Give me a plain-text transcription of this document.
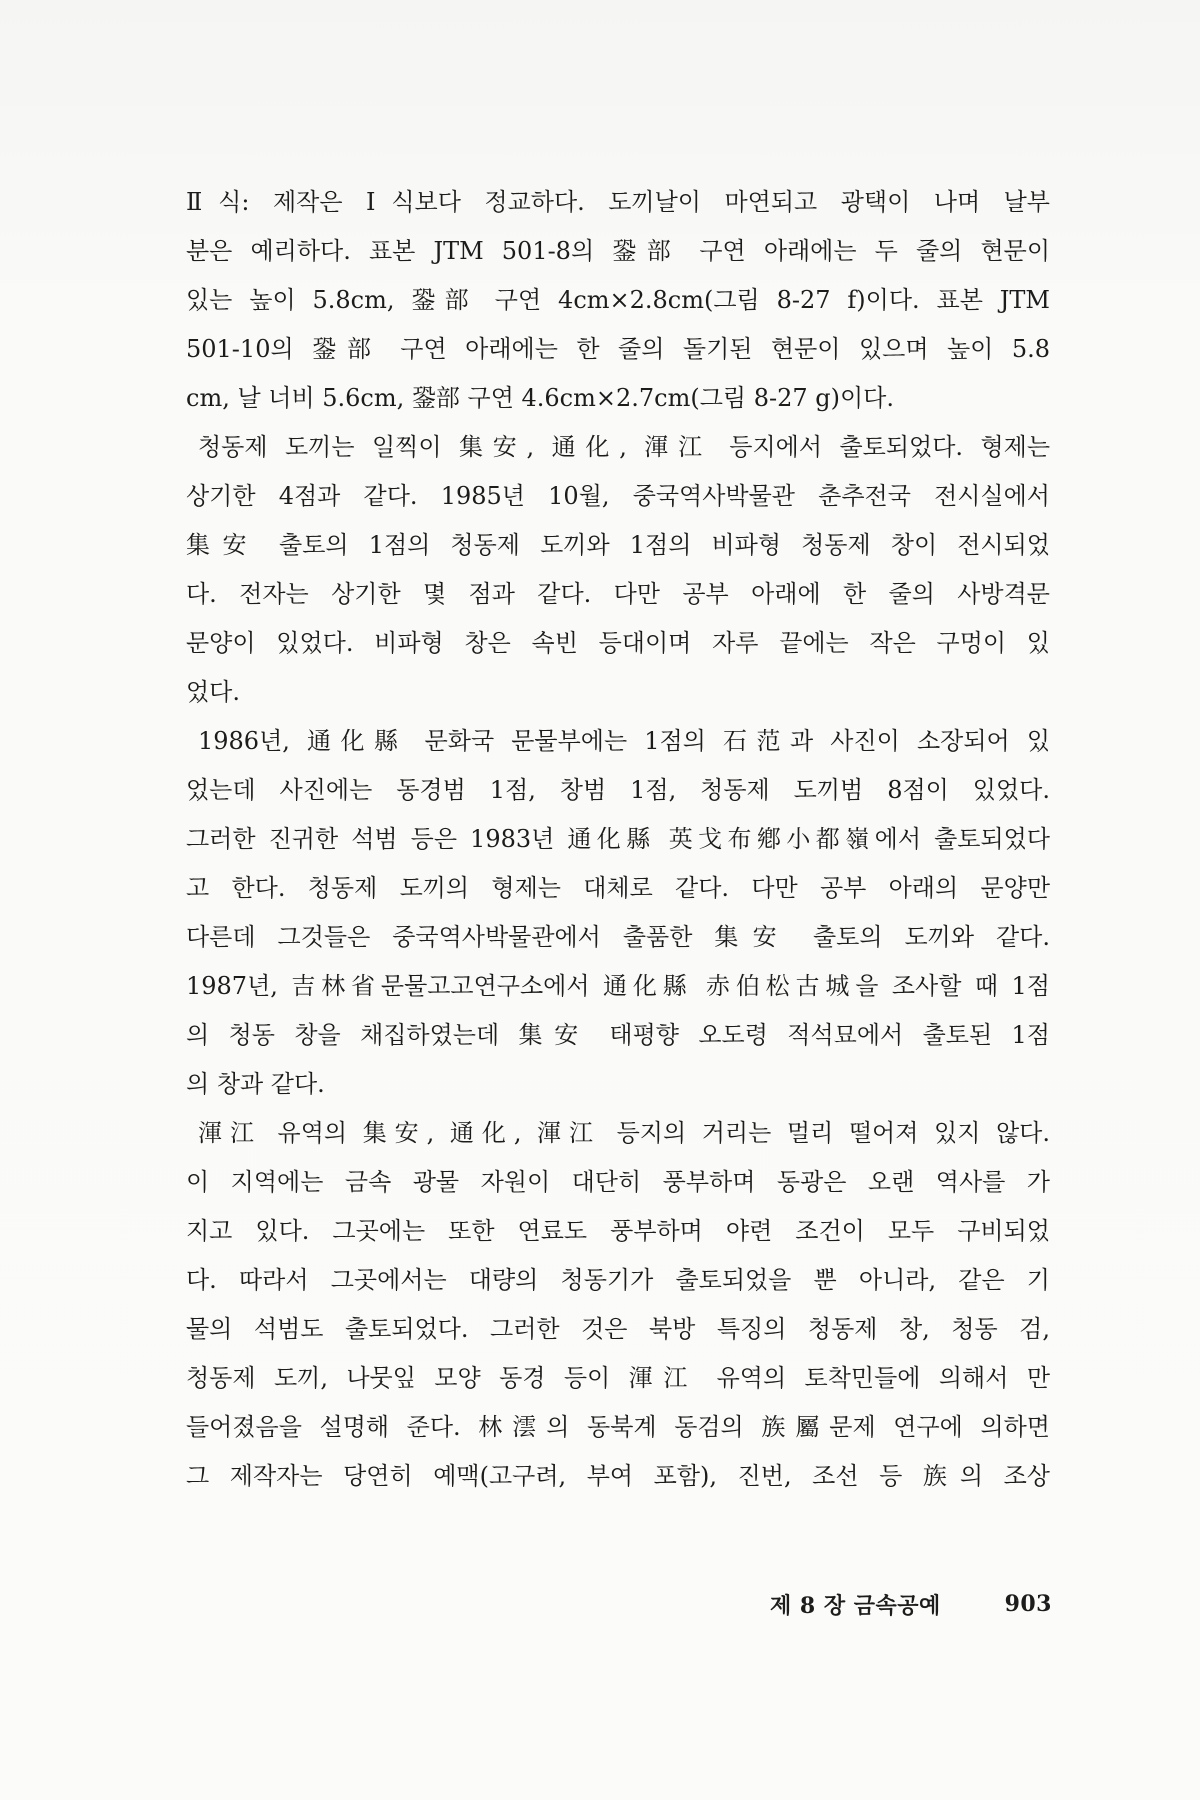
Ⅱ식: 제작은 Ⅰ식보다 정교하다. 도끼날이 마연되고 광택이 나며 날부
분은 예리하다. 표본 JTM 501-8의 銎部 구연 아래에는 두 줄의 현문이
있는 높이 5.8cm, 銎部 구연 4cm×2.8cm(그림 8-27 f)이다. 표본 JTM
501-10의 銎部 구연 아래에는 한 줄의 돌기된 현문이 있으며 높이 5.8
cm, 날 너비 5.6cm, 銎部 구연 4.6cm×2.7cm(그림 8-27 g)이다.
청동제 도끼는 일찍이 集安, 通化, 渾江 등지에서 출토되었다. 형제는
상기한 4점과 같다. 1985년 10월, 중국역사박물관 춘추전국 전시실에서
集安 출토의 1점의 청동제 도끼와 1점의 비파형 청동제 창이 전시되었
다. 전자는 상기한 몇 점과 같다. 다만 공부 아래에 한 줄의 사방격문
문양이 있었다. 비파형 창은 속빈 등대이며 자루 끝에는 작은 구멍이 있
었다.
1986년, 通化縣 문화국 문물부에는 1점의 石范과 사진이 소장되어 있
었는데 사진에는 동경범 1점, 창범 1점, 청동제 도끼범 8점이 있었다.
그러한 진귀한 석범 등은 1983년 通化縣 英戈布鄕小都嶺에서 출토되었다
고 한다. 청동제 도끼의 형제는 대체로 같다. 다만 공부 아래의 문양만
다른데 그것들은 중국역사박물관에서 출품한 集安 출토의 도끼와 같다.
1987년, 吉林省문물고고연구소에서 通化縣 赤伯松古城을 조사할 때 1점
의 청동 창을 채집하였는데 集安 태평향 오도령 적석묘에서 출토된 1점
의 창과 같다.
渾江 유역의 集安, 通化, 渾江 등지의 거리는 멀리 떨어져 있지 않다.
이 지역에는 금속 광물 자원이 대단히 풍부하며 동광은 오랜 역사를 가
지고 있다. 그곳에는 또한 연료도 풍부하며 야련 조건이 모두 구비되었
다. 따라서 그곳에서는 대량의 청동기가 출토되었을 뿐 아니라, 같은 기
물의 석범도 출토되었다. 그러한 것은 북방 특징의 청동제 창, 청동 검,
청동제 도끼, 나뭇잎 모양 동경 등이 渾江 유역의 토착민들에 의해서 만
들어졌음을 설명해 준다. 林澐의 동북계 동검의 族屬문제 연구에 의하면
그 제작자는 당연히 예맥(고구려, 부여 포함), 진번, 조선 등 族의 조상
제 8 장 금속공예	903
